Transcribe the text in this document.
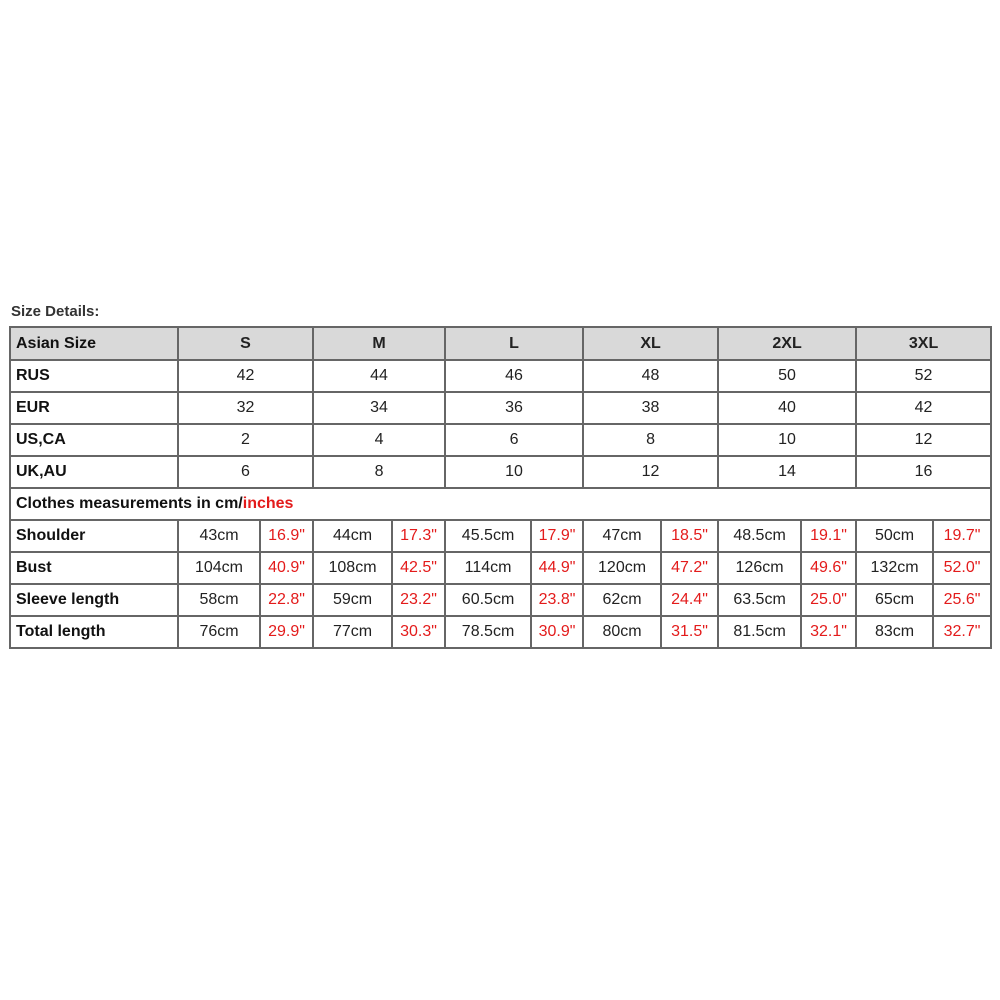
Size Details:
Asian Size	S		M		L		XL		2XL		3XL	
RUS	42		44		46		48		50		52	
EUR	32		34		36		38		40		42	
US,CA	2		4		6		8		10		12	
UK,AU	6		8		10		12		14		16	
Clothes measurements in cm/inches												
Shoulder	43cm	16.9"	44cm	17.3"	45.5cm	17.9"	47cm	18.5"	48.5cm	19.1"	50cm	19.7"
Bust	104cm	40.9"	108cm	42.5"	114cm	44.9"	120cm	47.2"	126cm	49.6"	132cm	52.0"
Sleeve length	58cm	22.8"	59cm	23.2"	60.5cm	23.8"	62cm	24.4"	63.5cm	25.0"	65cm	25.6"
Total length	76cm	29.9"	77cm	30.3"	78.5cm	30.9"	80cm	31.5"	81.5cm	32.1"	83cm	32.7"
